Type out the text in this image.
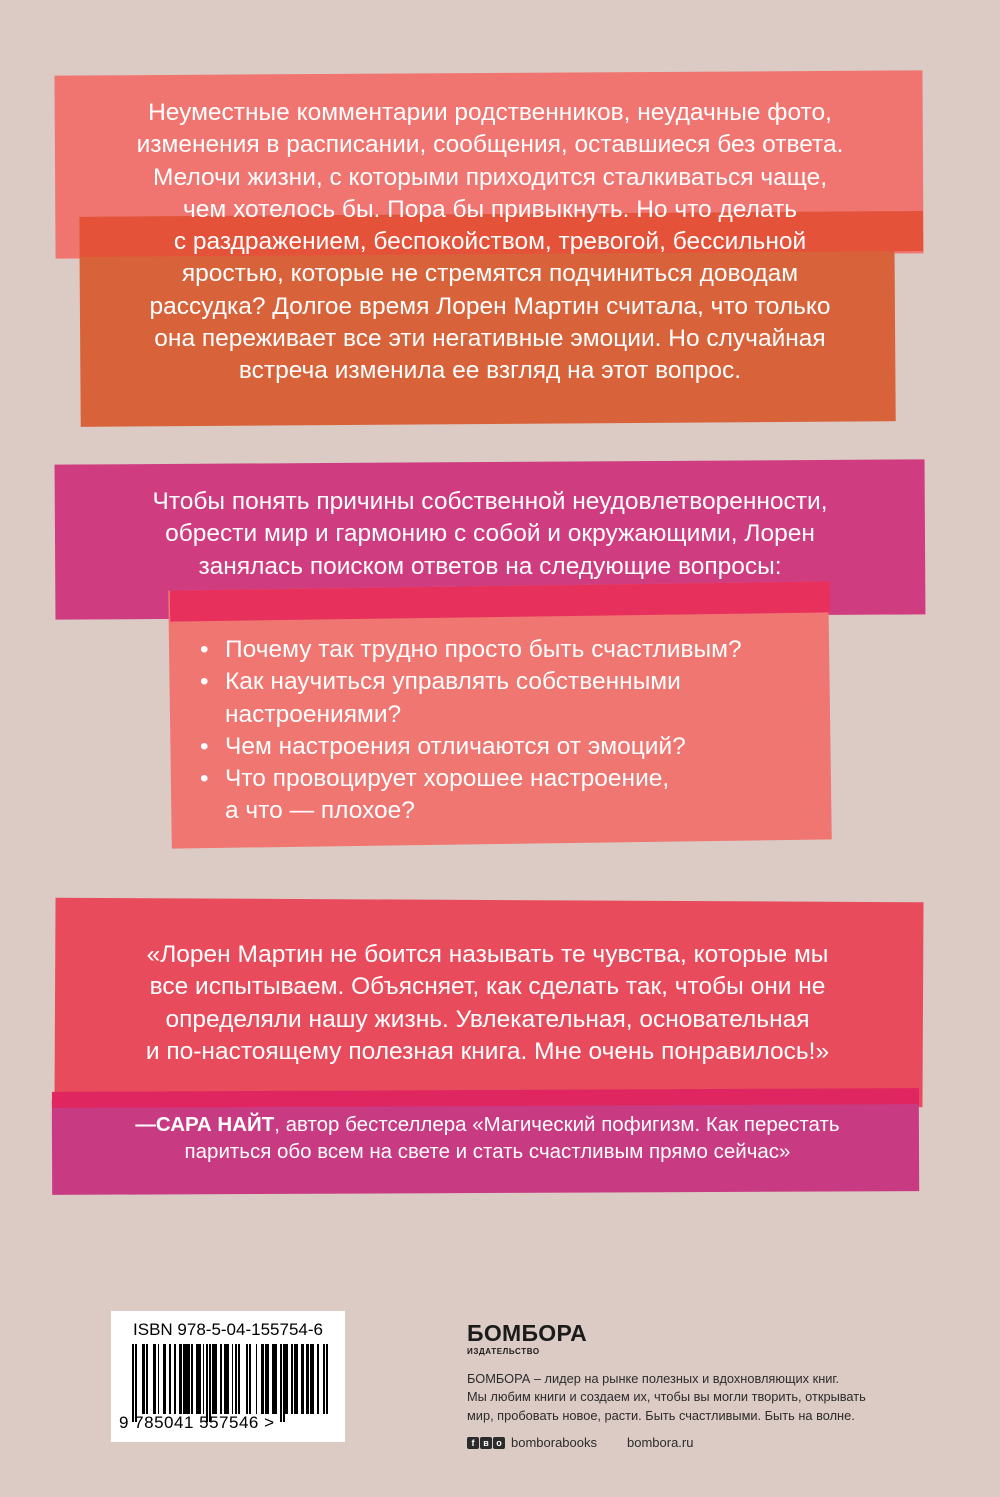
Неуместные комментарии родственников, неудачные фото,
изменения в расписании, сообщения, оставшиеся без ответа.
Мелочи жизни, с которыми приходится сталкиваться чаще,
чем хотелось бы. Пора бы привыкнуть. Но что делать
с раздражением, беспокойством, тревогой, бессильной
яростью, которые не стремятся подчиниться доводам
рассудка? Долгое время Лорен Мартин считала, что только
она переживает все эти негативные эмоции. Но случайная
встреча изменила ее взгляд на этот вопрос.
Чтобы понять причины собственной неудовлетворенности,
обрести мир и гармонию с собой и окружающими, Лорен
занялась поиском ответов на следующие вопросы:
• Почему так трудно просто быть счастливым?
• Как научиться управлять собственными
настроениями?
• Чем настроения отличаются от эмоций?
• Что провоцирует хорошее настроение,
а что — плохое?
«Лорен Мартин не боится называть те чувства, которые мы
все испытываем. Объясняет, как сделать так, чтобы они не
определяли нашу жизнь. Увлекательная, основательная
и по-настоящему полезная книга. Мне очень понравилось!»
—САРА НАЙТ, автор бестселлера «Магический пофигизм. Как перестать
париться обо всем на свете и стать счастливым прямо сейчас»
ISBN 978-5-04-155754-6
9 785041 557546 >
БОМБОРА
ИЗДАТЕЛЬСТВО
БОМБОРА – лидер на рынке полезных и вдохновляющих книг.
Мы любим книги и создаем их, чтобы вы могли творить, открывать
мир, пробовать новое, расти. Быть счастливыми. Быть на волне.
f в о bomborabooks bombora.ru
